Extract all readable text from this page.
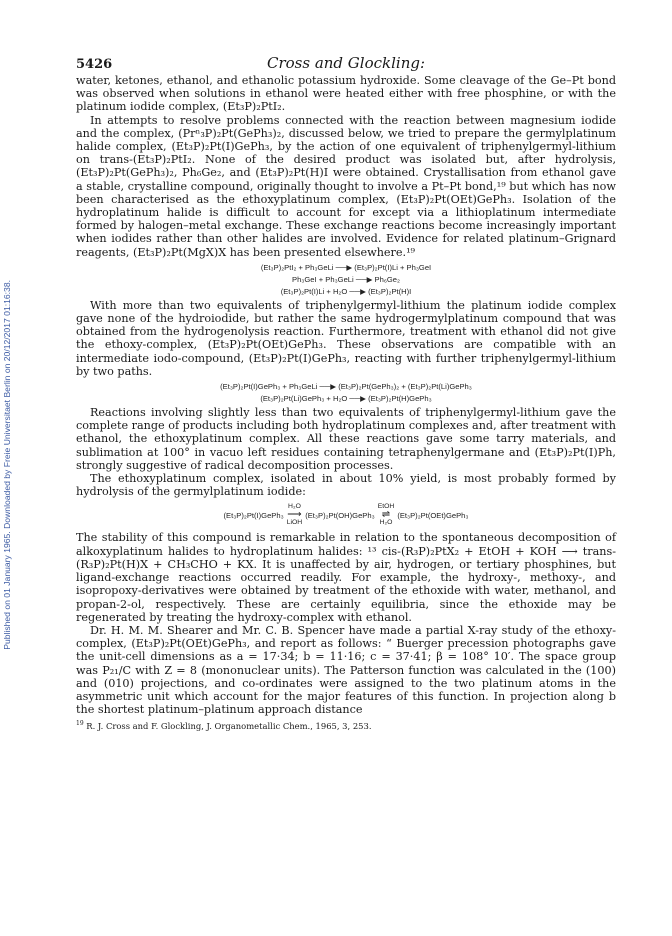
Published on 01 January 1965. Downloaded by Freie Universitaet Berlin on 20/12/2017 01:16:38.
5426	Cross and Glockling:

water, ketones, ethanol, and ethanolic potassium hydroxide. Some cleavage of the Ge–Pt bond was observed when solutions in ethanol were heated either with free phosphine, or with the platinum iodide complex, (Et₃P)₂PtI₂.

In attempts to resolve problems connected with the reaction between magnesium iodide and the complex, (Prⁿ₃P)₂Pt(GePh₃)₂, discussed below, we tried to prepare the germylplatinum halide complex, (Et₃P)₂Pt(I)GePh₃, by the action of one equivalent of triphenylgermyl-lithium on trans-(Et₃P)₂PtI₂. None of the desired product was isolated but, after hydrolysis, (Et₃P)₂Pt(GePh₃)₂, Ph₆Ge₂, and (Et₃P)₂Pt(H)I were obtained. Crystallisation from ethanol gave a stable, crystalline compound, originally thought to involve a Pt–Pt bond,¹⁹ but which has now been characterised as the ethoxyplatinum complex, (Et₃P)₂Pt(OEt)GePh₃. Isolation of the hydroplatinum halide is difficult to account for except via a lithioplatinum intermediate formed by halogen–metal exchange. These exchange reactions become increasingly important when iodides rather than other halides are involved. Evidence for related platinum–Grignard reagents, (Et₃P)₂Pt(MgX)X has been presented elsewhere.¹⁹

(Et₃P)₂PtI₂ + Ph₃GeLi ──▶ (Et₃P)₂Pt(I)Li + Ph₃GeI
Ph₃GeI + Ph₃GeLi ──▶ Ph₆Ge₂
(Et₃P)₂Pt(I)Li + H₂O ──▶ (Et₃P)₂Pt(H)I

With more than two equivalents of triphenylgermyl-lithium the platinum iodide complex gave none of the hydroiodide, but rather the same hydrogermylplatinum compound that was obtained from the hydrogenolysis reaction. Furthermore, treatment with ethanol did not give the ethoxy-complex, (Et₃P)₂Pt(OEt)GePh₃. These observations are compatible with an intermediate iodo-compound, (Et₃P)₂Pt(I)GePh₃, reacting with further triphenylgermyl-lithium by two paths.

(Et₃P)₂Pt(I)GePh₃ + Ph₃GeLi ──▶ (Et₃P)₂Pt(GePh₃)₂ + (Et₃P)₂Pt(Li)GePh₃
(Et₃P)₂Pt(Li)GePh₃ + H₂O ──▶ (Et₃P)₂Pt(H)GePh₃

Reactions involving slightly less than two equivalents of triphenylgermyl-lithium gave the complete range of products including both hydroplatinum complexes and, after treatment with ethanol, the ethoxyplatinum complex. All these reactions gave some tarry materials, and sublimation at 100° in vacuo left residues containing tetraphenylgermane and (Et₃P)₂Pt(I)Ph, strongly suggestive of radical decomposition processes.

The ethoxyplatinum complex, isolated in about 10% yield, is most probably formed by hydrolysis of the germylplatinum iodide:

(Et₃P)₂Pt(I)GePh₃
H₂O
⟶
LiOH
(Et₃P)₂Pt(OH)GePh₃
EtOH
⇌
H₂O
(Et₃P)₂Pt(OEt)GePh₃

The stability of this compound is remarkable in relation to the spontaneous decomposition of alkoxyplatinum halides to hydroplatinum halides: ¹³ cis-(R₃P)₂PtX₂ + EtOH + KOH ⟶ trans-(R₃P)₂Pt(H)X + CH₃CHO + KX. It is unaffected by air, hydrogen, or tertiary phosphines, but ligand-exchange reactions occurred readily. For example, the hydroxy-, methoxy-, and isopropoxy-derivatives were obtained by treatment of the ethoxide with water, methanol, and propan-2-ol, respectively. These are certainly equilibria, since the ethoxide may be regenerated by treating the hydroxy-complex with ethanol.

Dr. H. M. M. Shearer and Mr. C. B. Spencer have made a partial X-ray study of the ethoxy-complex, (Et₃P)₂Pt(OEt)GePh₃, and report as follows: “ Buerger precession photographs gave the unit-cell dimensions as a = 17·34; b = 11·16; c = 37·41; β = 108° 10′. The space group was P₂₁/C with Z = 8 (mononuclear units). The Patterson function was calculated in the (100) and (010) projections, and co-ordinates were assigned to the two platinum atoms in the asymmetric unit which account for the major features of this function. In projection along b the shortest platinum–platinum approach distance

$^{19}$ R. J. Cross and F. Glockling, J. Organometallic Chem., 1965, 3, 253.
